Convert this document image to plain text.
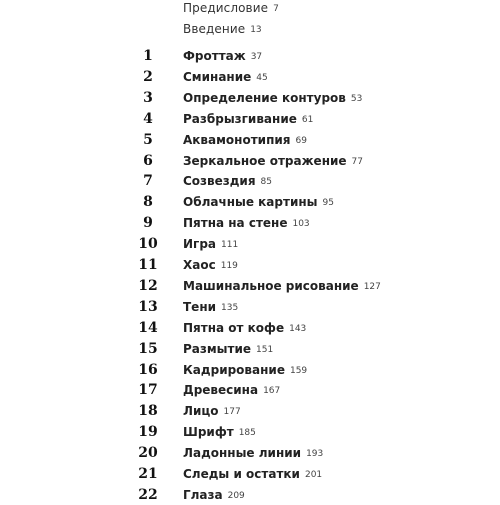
Предисловие 7
Введение 13
1	Фроттаж 37
2	Сминание 45
3	Определение контуров 53
4	Разбрызгивание 61
5	Аквамонотипия 69
6	Зеркальное отражение 77
7	Созвездия 85
8	Облачные картины 95
9	Пятна на стене 103
10 Игра 111
11 Хаос 119
12 Машинальное рисование 127
13 Тени 135
14 Пятна от кофе 143
15 Размытие 151
16 Кадрирование 159
17 Древесина 167
18 Лицо 177
19 Шрифт 185
20 Ладонные линии 193
21 Следы и остатки 201
22 Глаза 209
